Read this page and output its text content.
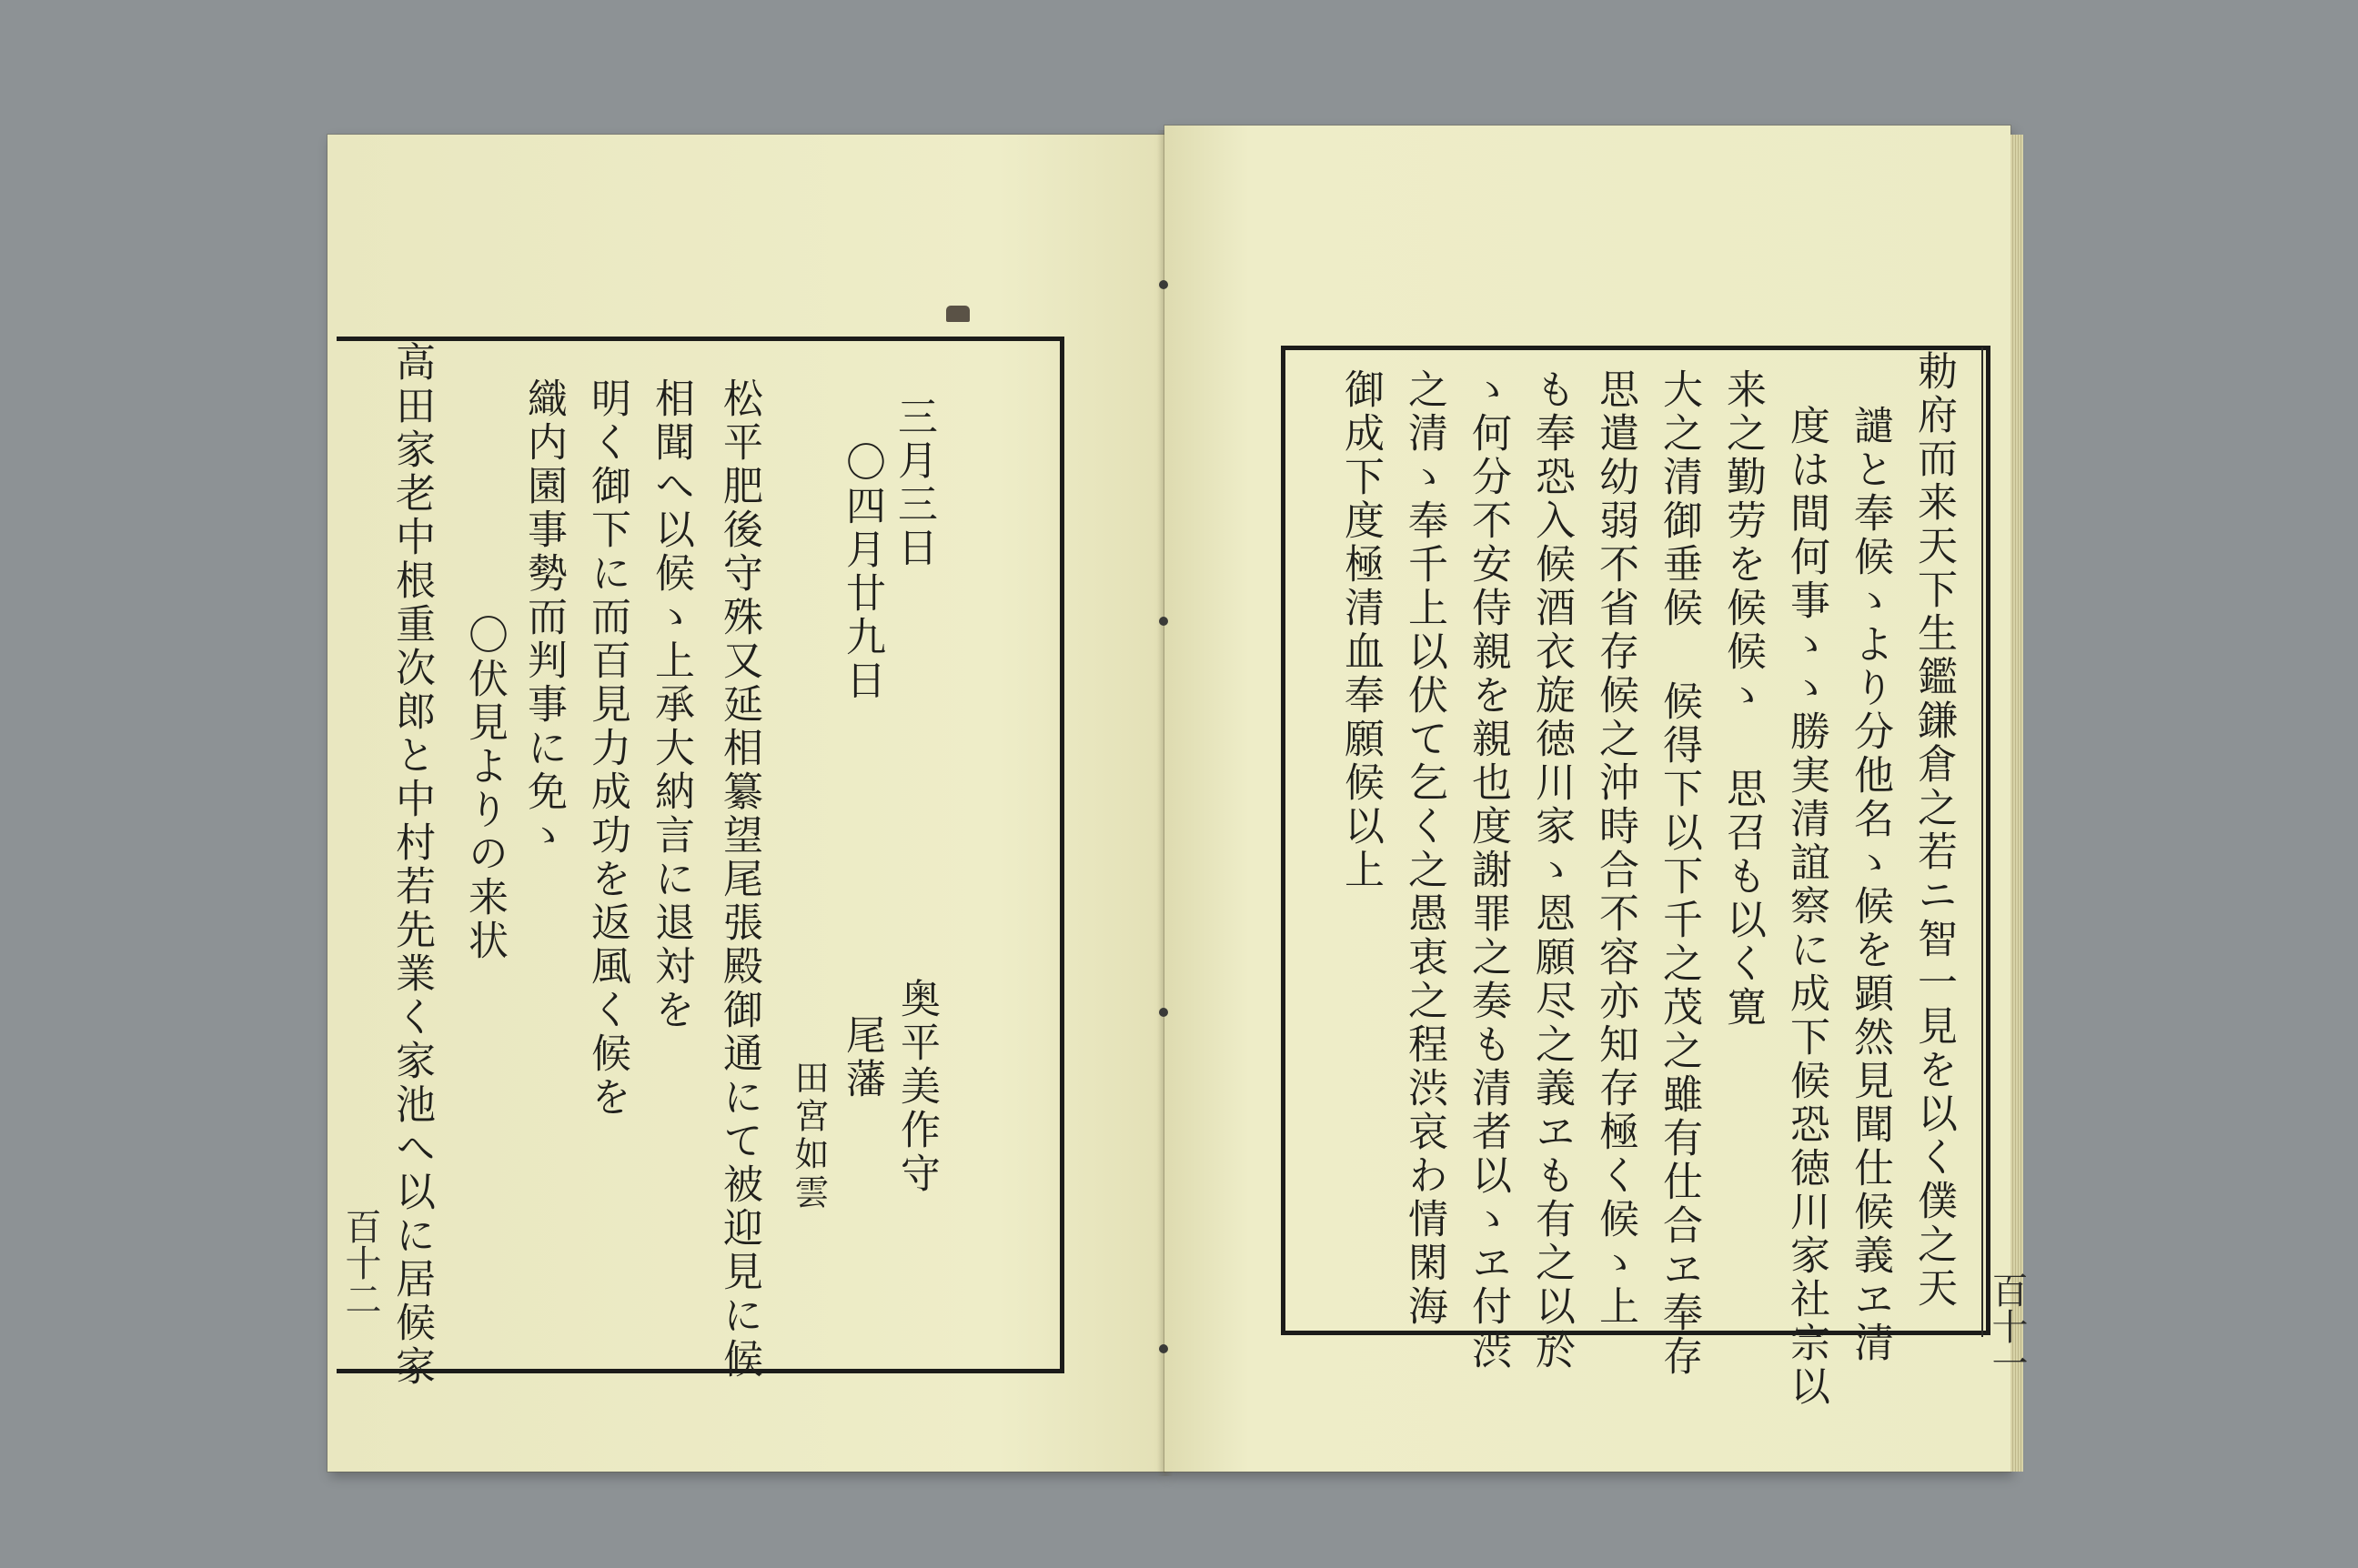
三月三日
〇四月廿九日
奥平美作守
尾藩
田宮如雲
松平肥後守殊又延相纂望尾張殿御通にて被迎見に候
相聞へ以候ゝ上承大納言に退対を
明く御下に而百見力成功を返風く候を
織内園事勢而判事に免ゝ
〇伏見よりの来状
高田家老中根重次郎と中村若先業く家池へ以に居候家
百十二	勅府而来天下生鑑鎌倉之若ニ智一見を以く僕之天
譴と奉候ゝより分他名ゝ候を顕然見聞仕候義ヱ清
度は間何事ゝゝ勝実清誼察に成下候恐徳川家社宗以
来之勤劳を候候ゝ 思召も以く寛
大之清御垂候 候得下以下千之茂之雖有仕合ヱ奉存
思遣幼弱不省存候之沖時合不容亦知存極く候ゝ上
も奉恐入候酒衣旋徳川家ゝ恩願尽之義ヱも有之以於
ゝ何分不安侍親を親也度謝罪之奏も清者以ゝヱ付渋
之清ゝ奉千上以伏て乞く之愚衷之程渋哀わ情閑海
御成下度極清血奉願候以上
百十一
